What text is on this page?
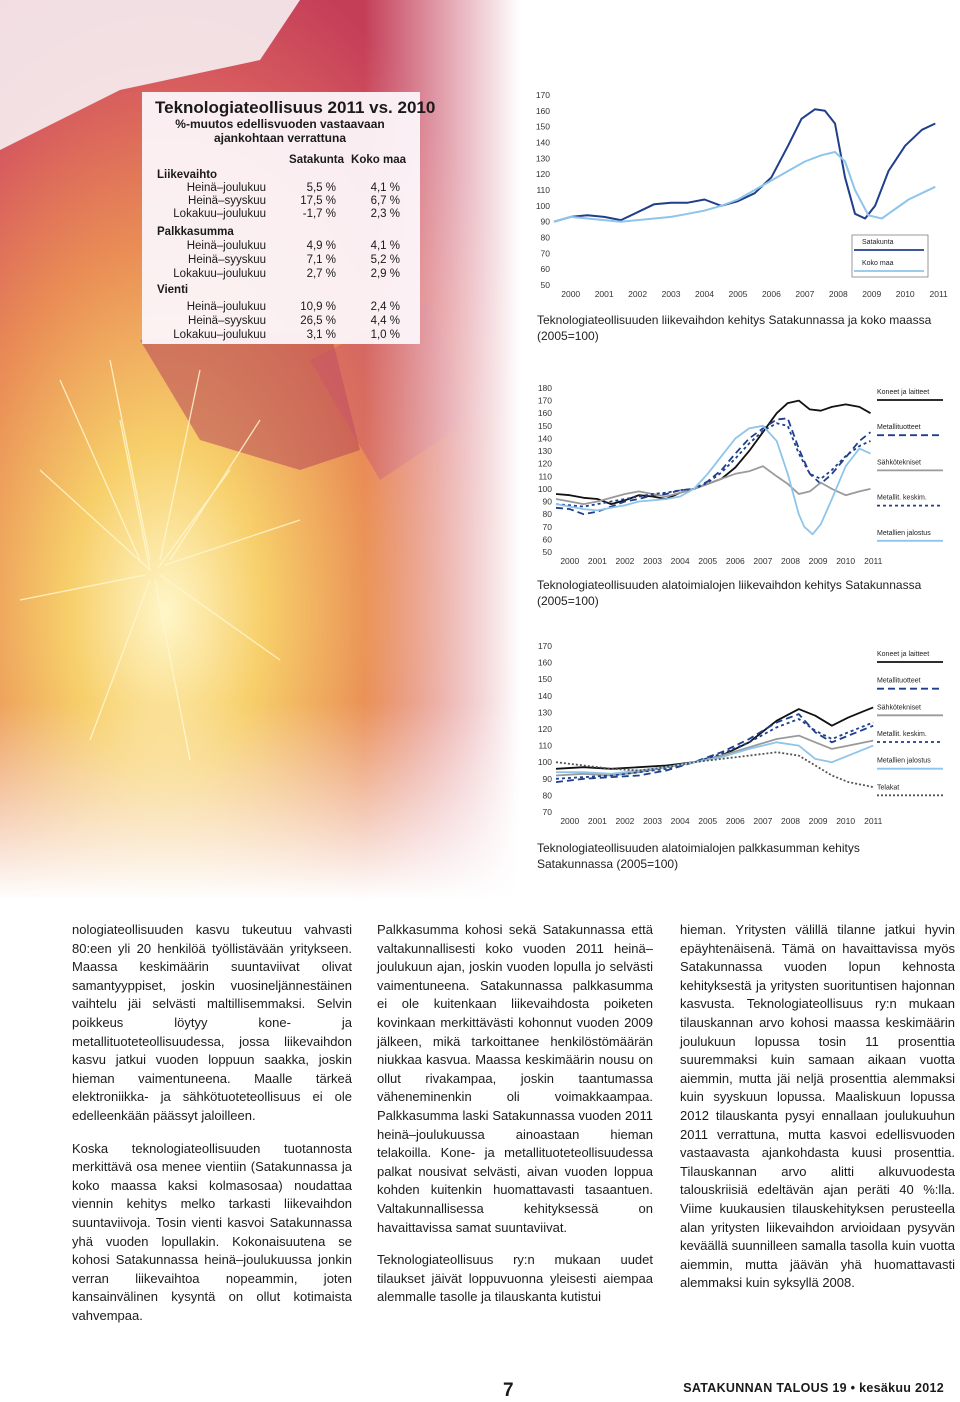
Teknologiateollisuus 2011 vs. 2010
%-muutos edellisvuoden vastaavaan ajankohtaan verrattuna
Satakunta Koko maa
Liikevaihto
Heinä–joulukuu	5,5 %	4,1 %
Heinä–syyskuu	17,5 %	6,7 %
Lokakuu–joulukuu	-1,7 %	2,3 %
Palkkasumma
Heinä–joulukuu	4,9 %	4,1 %
Heinä–syyskuu	7,1 %	5,2 %
Lokakuu–joulukuu	2,7 %	2,9 %
Vienti
Heinä–joulukuu	10,9 %	2,4 %
Heinä–syyskuu	26,5 %	4,4 %
Lokakuu–joulukuu	3,1 %	1,0 %
170
160
150
140
130
120
110
100
90
80
70
60
50
2000 2001 2002 2003 2004 2005 2006 2007 2008 2009 2010 2011
Satakunta
Koko maa
Teknologiateollisuuden liikevaihdon kehitys Satakunnassa ja koko maassa (2005=100)
180
170
160
150
140
130
120
110
100
90
80
70
60
50
2000 2001 2002 2003 2004 2005 2006 2007 2008 2009 2010 2011
Koneet ja laitteet
Metallituotteet
Sähkötekniset
Metallit. keskim.
Metallien jalostus
Teknologiateollisuuden alatoimialojen liikevaihdon kehitys Satakunnassa (2005=100)
170
160
150
140
130
120
110
100
90
80
70
2000 2001 2002 2003 2004 2005 2006 2007 2008 2009 2010 2011
Koneet ja laitteet
Metallituotteet
Sähkötekniset
Metallit. keskim.
Metallien jalostus
Telakat
Teknologiateollisuuden alatoimialojen palkkasumman kehitys Satakunnassa (2005=100)

nologiateollisuuden kasvu tukeutuu vahvasti 80:een yli 20 henkilöä työllistävään yritykseen. Maassa keskimäärin suuntaviivat olivat samantyyppiset, joskin vuosineljännestäinen vaihtelu jäi selvästi maltillisemmaksi. Selvin poikkeus löytyy kone- ja metallituoteteollisuudessa, jossa liikevaihdon kasvu jatkui vuoden loppuun saakka, joskin hieman vaimentuneena. Maalle tärkeä elektroniikka- ja sähkötuoteteollisuus ei ole edelleenkään päässyt jaloilleen.

Koska teknologiateollisuuden tuotannosta merkittävä osa menee vientiin (Satakunnassa ja koko maassa kaksi kolmasosaa) noudattaa viennin kehitys melko tarkasti liikevaihdon suuntaviivoja. Tosin vienti kasvoi Satakunnassa yhä vuoden lopullakin. Kokonaisuutena se kohosi Satakunnassa heinä–joulukuussa jonkin verran liikevaihtoa nopeammin, joten kansainvälinen kysyntä on ollut kotimaista vahvempaa.

Palkkasumma kohosi sekä Satakunnassa että valtakunnallisesti koko vuoden 2011 heinä–joulukuun ajan, joskin vuoden lopulla jo selvästi vaimentuneena. Satakunnassa palkkasumma ei ole kuitenkaan liikevaihdosta poiketen kovinkaan merkittävästi kohonnut vuoden 2009 jälkeen, mikä tarkoittanee henkilöstömäärän niukkaa kasvua. Maassa keskimäärin nousu on ollut rivakampaa, joskin taantumassa väheneminenkin oli voimakkaampaa. Palkkasumma laski Satakunnassa vuoden 2011 heinä–joulukuussa ainoastaan hieman telakoilla. Kone- ja metallituoteteollisuudessa palkat nousivat selvästi, aivan vuoden loppua kohden kuitenkin huomattavasti tasaantuen. Valtakunnallisessa kehityksessä on havaittavissa samat suuntaviivat.

Teknologiateollisuus ry:n mukaan uudet tilaukset jäivät loppuvuonna yleisesti aiempaa alemmalle tasolle ja tilauskanta kutistui

hieman. Yritysten välillä tilanne jatkui hyvin epäyhtenäisenä. Tämä on havaittavissa myös Satakunnassa vuoden lopun kehnosta kehityksestä ja yritysten suorituntisen hajonnan kasvusta. Teknologiateollisuus ry:n mukaan tilauskannan arvo kohosi maassa keskimäärin joulukuun lopussa tosin 11 prosenttia suuremmaksi kuin samaan aikaan vuotta aiemmin, mutta jäi neljä prosenttia alemmaksi kuin syyskuun lopussa. Maaliskuun lopussa 2012 tilauskanta pysyi ennallaan joulukuuhun 2011 verrattuna, mutta kasvoi edellisvuoden vastaavasta ajankohdasta kuusi prosenttia. Tilauskannan arvo alitti alkuvuodesta talouskriisiä edeltävän ajan peräti 40 %:lla. Viime kuukausien tilauskehityksen perusteella alan yritysten liikevaihdon arvioidaan pysyvän keväällä suunnilleen samalla tasolla kuin vuotta aiemmin, mutta jäävän yhä huomattavasti alemmaksi kuin syksyllä 2008.

7	SATAKUNNAN TALOUS 19 • kesäkuu 2012
